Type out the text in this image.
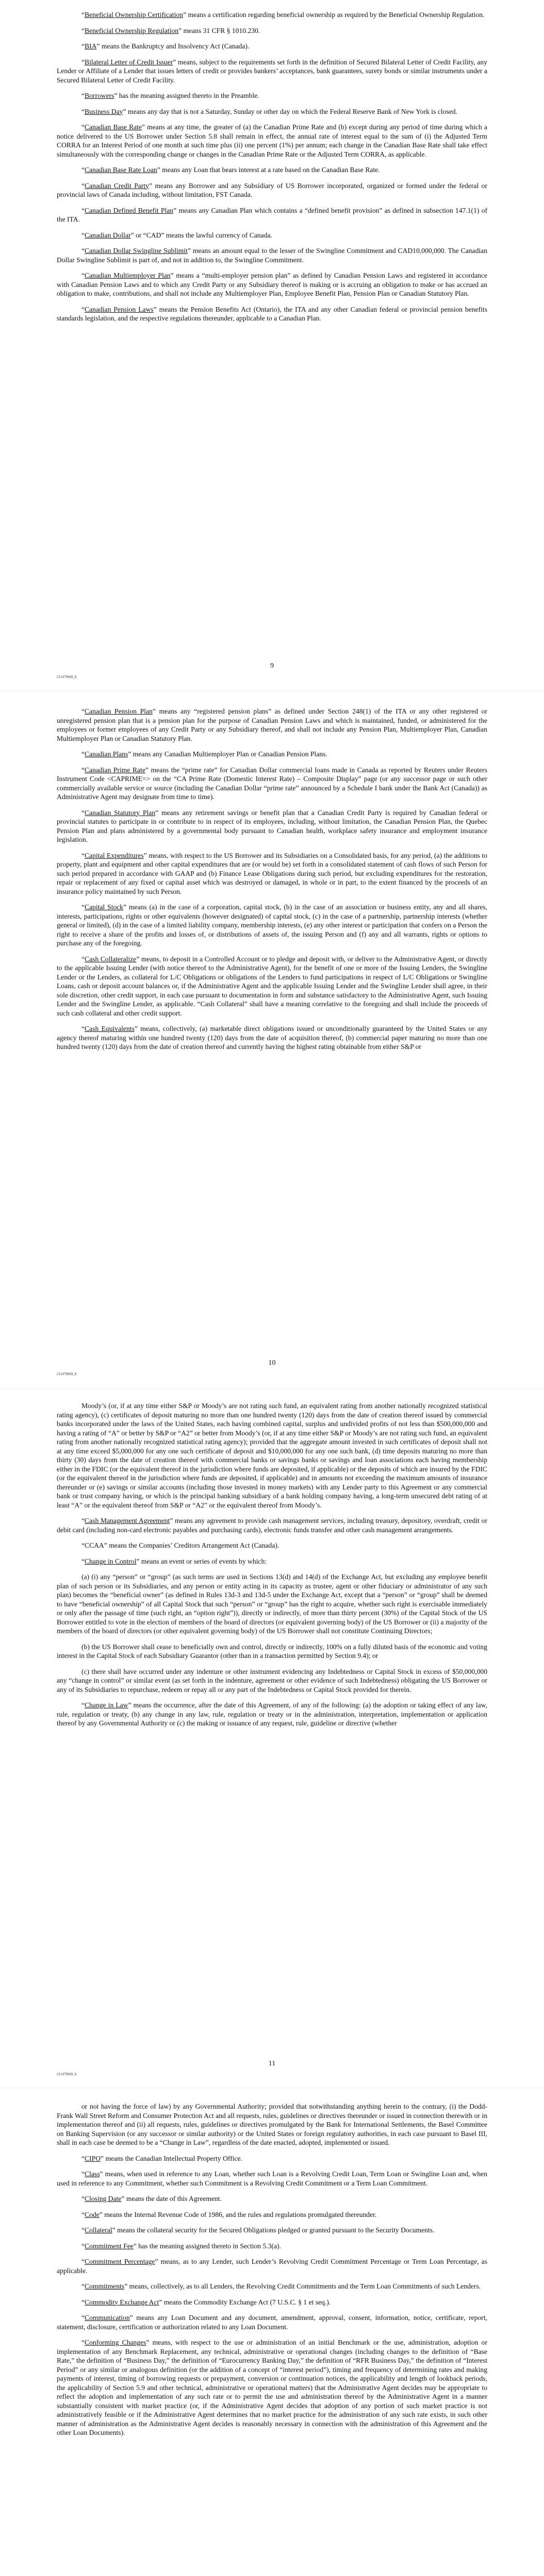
“Beneficial Ownership Certification” means a certification regarding beneficial ownership as required by the Beneficial Ownership Regulation.

“Beneficial Ownership Regulation” means 31 CFR § 1010.230.

“BIA” means the Bankruptcy and Insolvency Act (Canada).

“Bilateral Letter of Credit Issuer” means, subject to the requirements set forth in the definition of Secured Bilateral Letter of Credit Facility, any Lender or Affiliate of a Lender that issues letters of credit or provides bankers’ acceptances, bank guarantees, surety bonds or similar instruments under a Secured Bilateral Letter of Credit Facility.

“Borrowers” has the meaning assigned thereto in the Preamble.

“Business Day” means any day that is not a Saturday, Sunday or other day on which the Federal Reserve Bank of New York is closed.

“Canadian Base Rate” means at any time, the greater of (a) the Canadian Prime Rate and (b) except during any period of time during which a notice delivered to the US Borrower under Section 5.8 shall remain in effect, the annual rate of interest equal to the sum of (i) the Adjusted Term CORRA for an Interest Period of one month at such time plus (ii) one percent (1%) per annum; each change in the Canadian Base Rate shall take effect simultaneously with the corresponding change or changes in the Canadian Prime Rate or the Adjusted Term CORRA, as applicable.

“Canadian Base Rate Loan” means any Loan that bears interest at a rate based on the Canadian Base Rate.

“Canadian Credit Party” means any Borrower and any Subsidiary of US Borrower incorporated, organized or formed under the federal or provincial laws of Canada including, without limitation, FST Canada.

“Canadian Defined Benefit Plan” means any Canadian Plan which contains a “defined benefit provision” as defined in subsection 147.1(1) of the ITA.

“Canadian Dollar” or “CAD” means the lawful currency of Canada.

“Canadian Dollar Swingline Sublimit” means an amount equal to the lesser of the Swingline Commitment and CAD10,000,000. The Canadian Dollar Swingline Sublimit is part of, and not in addition to, the Swingline Commitment.

“Canadian Multiemployer Plan” means a “multi-employer pension plan” as defined by Canadian Pension Laws and registered in accordance with Canadian Pension Laws and to which any Credit Party or any Subsidiary thereof is making or is accruing an obligation to make or has accrued an obligation to make, contributions, and shall not include any Multiemployer Plan, Employee Benefit Plan, Pension Plan or Canadian Statutory Plan.

“Canadian Pension Laws” means the Pension Benefits Act (Ontario), the ITA and any other Canadian federal or provincial pension benefits standards legislation, and the respective regulations thereunder, applicable to a Canadian Plan.

9
211479669_8

“Canadian Pension Plan” means any “registered pension plans” as defined under Section 248(1) of the ITA or any other registered or unregistered pension plan that is a pension plan for the purpose of Canadian Pension Laws and which is maintained, funded, or administered for the employees or former employees of any Credit Party or any Subsidiary thereof, and shall not include any Pension Plan, Multiemployer Plan, Canadian Multiemployer Plan or Canadian Statutory Plan.

“Canadian Plans” means any Canadian Multiemployer Plan or Canadian Pension Plans.

“Canadian Prime Rate” means the “prime rate” for Canadian Dollar commercial loans made in Canada as reported by Reuters under Reuters Instrument Code <CAPRIME=> on the “CA Prime Rate (Domestic Interest Rate) – Composite Display” page (or any successor page or such other commercially available service or source (including the Canadian Dollar “prime rate” announced by a Schedule I bank under the Bank Act (Canada)) as Administrative Agent may designate from time to time).

“Canadian Statutory Plan” means any retirement savings or benefit plan that a Canadian Credit Party is required by Canadian federal or provincial statutes to participate in or contribute to in respect of its employees, including, without limitation, the Canadian Pension Plan, the Quebec Pension Plan and plans administered by a governmental body pursuant to Canadian health, workplace safety insurance and employment insurance legislation.

“Capital Expenditures” means, with respect to the US Borrower and its Subsidiaries on a Consolidated basis, for any period, (a) the additions to property, plant and equipment and other capital expenditures that are (or would be) set forth in a consolidated statement of cash flows of such Person for such period prepared in accordance with GAAP and (b) Finance Lease Obligations during such period, but excluding expenditures for the restoration, repair or replacement of any fixed or capital asset which was destroyed or damaged, in whole or in part, to the extent financed by the proceeds of an insurance policy maintained by such Person.

“Capital Stock” means (a) in the case of a corporation, capital stock, (b) in the case of an association or business entity, any and all shares, interests, participations, rights or other equivalents (however designated) of capital stock, (c) in the case of a partnership, partnership interests (whether general or limited), (d) in the case of a limited liability company, membership interests, (e) any other interest or participation that confers on a Person the right to receive a share of the profits and losses of, or distributions of assets of, the issuing Person and (f) any and all warrants, rights or options to purchase any of the foregoing.

“Cash Collateralize” means, to deposit in a Controlled Account or to pledge and deposit with, or deliver to the Administrative Agent, or directly to the applicable Issuing Lender (with notice thereof to the Administrative Agent), for the benefit of one or more of the Issuing Lenders, the Swingline Lender or the Lenders, as collateral for L/C Obligations or obligations of the Lenders to fund participations in respect of L/C Obligations or Swingline Loans, cash or deposit account balances or, if the Administrative Agent and the applicable Issuing Lender and the Swingline Lender shall agree, in their sole discretion, other credit support, in each case pursuant to documentation in form and substance satisfactory to the Administrative Agent, such Issuing Lender and the Swingline Lender, as applicable. “Cash Collateral” shall have a meaning correlative to the foregoing and shall include the proceeds of such cash collateral and other credit support.

“Cash Equivalents” means, collectively, (a) marketable direct obligations issued or unconditionally guaranteed by the United States or any agency thereof maturing within one hundred twenty (120) days from the date of acquisition thereof, (b) commercial paper maturing no more than one hundred twenty (120) days from the date of creation thereof and currently having the highest rating obtainable from either S&P or

10
211479669_8

Moody’s (or, if at any time either S&P or Moody’s are not rating such fund, an equivalent rating from another nationally recognized statistical rating agency), (c) certificates of deposit maturing no more than one hundred twenty (120) days from the date of creation thereof issued by commercial banks incorporated under the laws of the United States, each having combined capital, surplus and undivided profits of not less than $500,000,000 and having a rating of “A” or better by S&P or “A2” or better from Moody’s (or, if at any time either S&P or Moody’s are not rating such fund, an equivalent rating from another nationally recognized statistical rating agency); provided that the aggregate amount invested in such certificates of deposit shall not at any time exceed $5,000,000 for any one such certificate of deposit and $10,000,000 for any one such bank, (d) time deposits maturing no more than thirty (30) days from the date of creation thereof with commercial banks or savings banks or savings and loan associations each having membership either in the FDIC (or the equivalent thereof in the jurisdiction where funds are deposited, if applicable) or the deposits of which are insured by the FDIC (or the equivalent thereof in the jurisdiction where funds are deposited, if applicable) and in amounts not exceeding the maximum amounts of insurance thereunder or (e) savings or similar accounts (including those invested in money markets) with any Lender party to this Agreement or any commercial bank or trust company having, or which is the principal banking subsidiary of a bank holding company having, a long-term unsecured debt rating of at least “A” or the equivalent thereof from S&P or “A2” or the equivalent thereof from Moody’s.

“Cash Management Agreement” means any agreement to provide cash management services, including treasury, depository, overdraft, credit or debit card (including non-card electronic payables and purchasing cards), electronic funds transfer and other cash management arrangements.

“CCAA” means the Companies’ Creditors Arrangement Act (Canada).

“Change in Control” means an event or series of events by which:

(a) (i) any “person” or “group” (as such terms are used in Sections 13(d) and 14(d) of the Exchange Act, but excluding any employee benefit plan of such person or its Subsidiaries, and any person or entity acting in its capacity as trustee, agent or other fiduciary or administrator of any such plan) becomes the “beneficial owner” (as defined in Rules 13d-3 and 13d-5 under the Exchange Act, except that a “person” or “group” shall be deemed to have “beneficial ownership” of all Capital Stock that such “person” or “group” has the right to acquire, whether such right is exercisable immediately or only after the passage of time (such right, an “option right”)), directly or indirectly, of more than thirty percent (30%) of the Capital Stock of the US Borrower entitled to vote in the election of members of the board of directors (or equivalent governing body) of the US Borrower or (ii) a majority of the members of the board of directors (or other equivalent governing body) of the US Borrower shall not constitute Continuing Directors;

(b) the US Borrower shall cease to beneficially own and control, directly or indirectly, 100% on a fully diluted basis of the economic and voting interest in the Capital Stock of each Subsidiary Guarantor (other than in a transaction permitted by Section 9.4); or

(c) there shall have occurred under any indenture or other instrument evidencing any Indebtedness or Capital Stock in excess of $50,000,000 any “change in control” or similar event (as set forth in the indenture, agreement or other evidence of such Indebtedness) obligating the US Borrower or any of its Subsidiaries to repurchase, redeem or repay all or any part of the Indebtedness or Capital Stock provided for therein.

“Change in Law” means the occurrence, after the date of this Agreement, of any of the following: (a) the adoption or taking effect of any law, rule, regulation or treaty, (b) any change in any law, rule, regulation or treaty or in the administration, interpretation, implementation or application thereof by any Governmental Authority or (c) the making or issuance of any request, rule, guideline or directive (whether

11
211479669_8

or not having the force of law) by any Governmental Authority; provided that notwithstanding anything herein to the contrary, (i) the Dodd-Frank Wall Street Reform and Consumer Protection Act and all requests, rules, guidelines or directives thereunder or issued in connection therewith or in implementation thereof and (ii) all requests, rules, guidelines or directives promulgated by the Bank for International Settlements, the Basel Committee on Banking Supervision (or any successor or similar authority) or the United States or foreign regulatory authorities, in each case pursuant to Basel III, shall in each case be deemed to be a “Change in Law”, regardless of the date enacted, adopted, implemented or issued.

“CIPO” means the Canadian Intellectual Property Office.

“Class” means, when used in reference to any Loan, whether such Loan is a Revolving Credit Loan, Term Loan or Swingline Loan and, when used in reference to any Commitment, whether such Commitment is a Revolving Credit Commitment or a Term Loan Commitment.

“Closing Date” means the date of this Agreement.

“Code” means the Internal Revenue Code of 1986, and the rules and regulations promulgated thereunder.

“Collateral” means the collateral security for the Secured Obligations pledged or granted pursuant to the Security Documents.

“Commitment Fee” has the meaning assigned thereto in Section 5.3(a).

“Commitment Percentage” means, as to any Lender, such Lender’s Revolving Credit Commitment Percentage or Term Loan Percentage, as applicable.

“Commitments” means, collectively, as to all Lenders, the Revolving Credit Commitments and the Term Loan Commitments of such Lenders.

“Commodity Exchange Act” means the Commodity Exchange Act (7 U.S.C. § 1 et seq.).

“Communication” means any Loan Document and any document, amendment, approval, consent, information, notice, certificate, report, statement, disclosure, certification or authorization related to any Loan Document.

“Conforming Changes” means, with respect to the use or administration of an initial Benchmark or the use, administration, adoption or implementation of any Benchmark Replacement, any technical, administrative or operational changes (including changes to the definition of “Base Rate,” the definition of “Business Day,” the definition of “Eurocurrency Banking Day,” the definition of “RFR Business Day,” the definition of “Interest Period” or any similar or analogous definition (or the addition of a concept of “interest period”), timing and frequency of determining rates and making payments of interest, timing of borrowing requests or prepayment, conversion or continuation notices, the applicability and length of lookback periods, the applicability of Section 5.9 and other technical, administrative or operational matters) that the Administrative Agent decides may be appropriate to reflect the adoption and implementation of any such rate or to permit the use and administration thereof by the Administrative Agent in a manner substantially consistent with market practice (or, if the Administrative Agent decides that adoption of any portion of such market practice is not administratively feasible or if the Administrative Agent determines that no market practice for the administration of any such rate exists, in such other manner of administration as the Administrative Agent decides is reasonably necessary in connection with the administration of this Agreement and the other Loan Documents).
